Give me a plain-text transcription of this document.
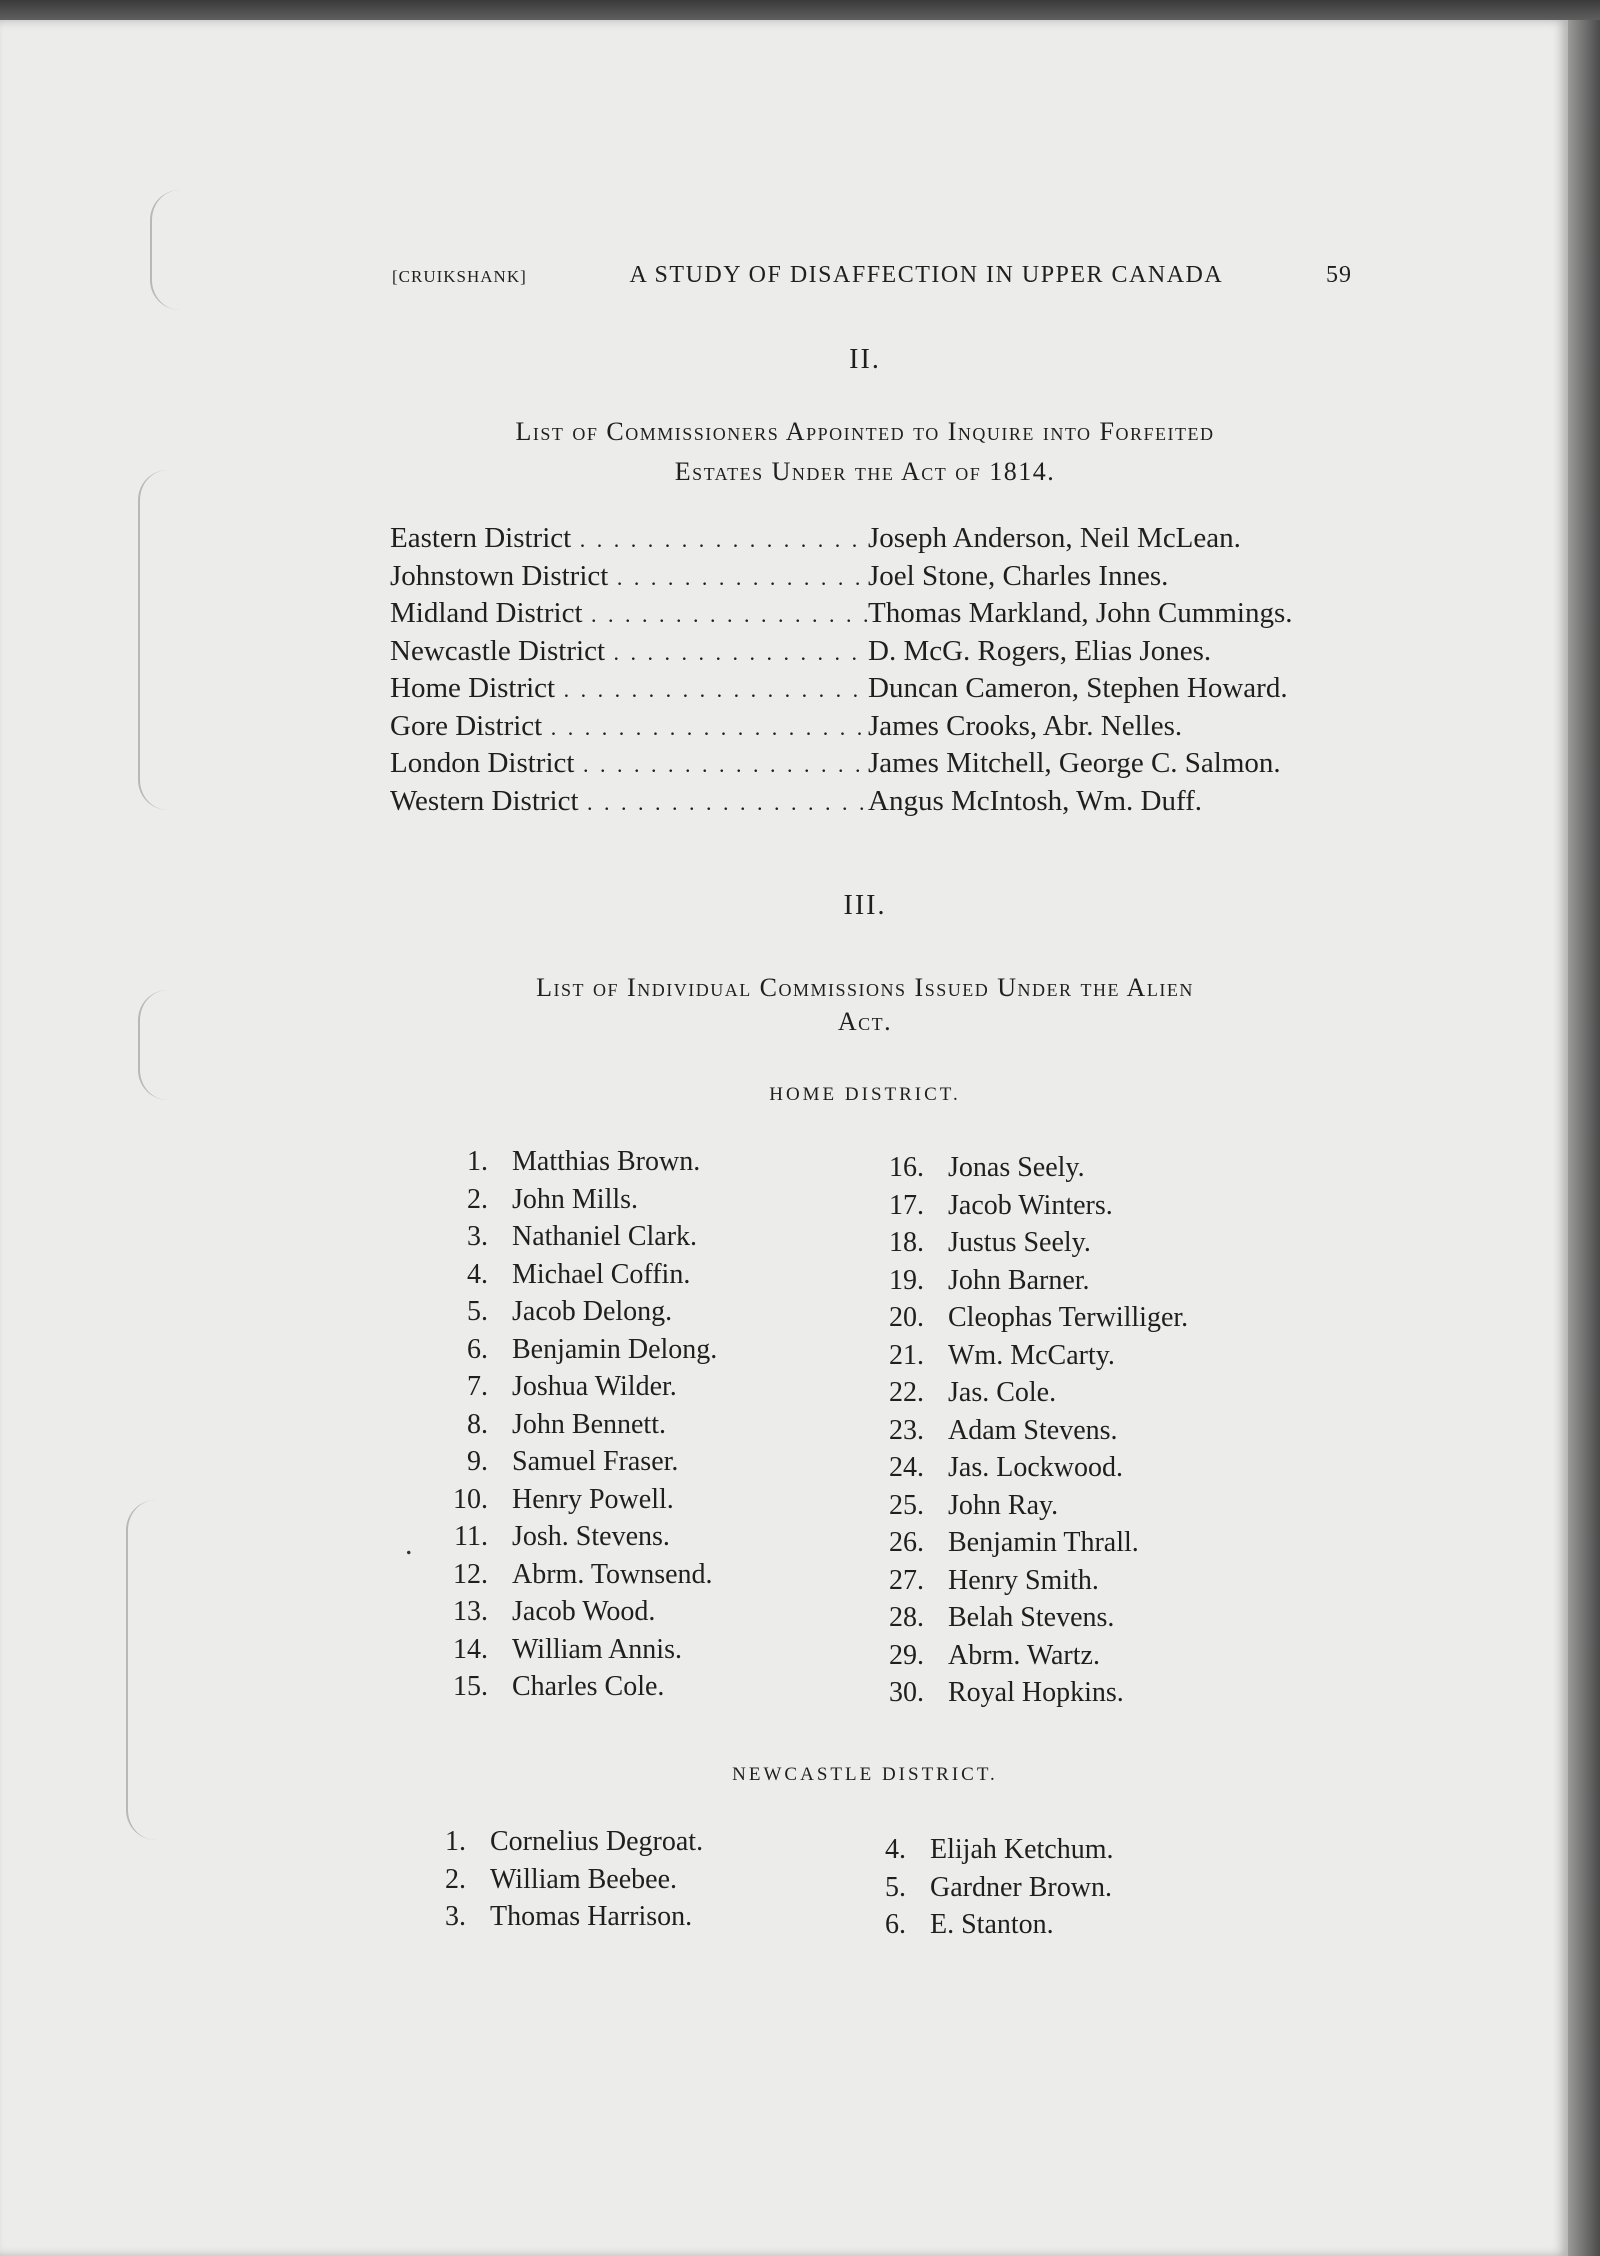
[CRUIKSHANK]	A STUDY OF DISAFFECTION IN UPPER CANADA	59
II.
List of Commissioners Appointed to Inquire into Forfeited
Estates Under the Act of 1814.
Eastern District . . .	Joseph Anderson, Neil McLean.
Johnstown District . . .	Joel Stone, Charles Innes.
Midland District . . .	Thomas Markland, John Cummings.
Newcastle District . . .	D. McG. Rogers, Elias Jones.
Home District . . .	Duncan Cameron, Stephen Howard.
Gore District . . .	James Crooks, Abr. Nelles.
London District . . .	James Mitchell, George C. Salmon.
Western District . . .	Angus McIntosh, Wm. Duff.
III.
List of Individual Commissions Issued Under the Alien
Act.
HOME DISTRICT.
1. Matthias Brown.
2. John Mills.
3. Nathaniel Clark.
4. Michael Coffin.
5. Jacob Delong.
6. Benjamin Delong.
7. Joshua Wilder.
8. John Bennett.
9. Samuel Fraser.
10. Henry Powell.
11. Josh. Stevens.
12. Abrm. Townsend.
13. Jacob Wood.
14. William Annis.
15. Charles Cole.
16. Jonas Seely.
17. Jacob Winters.
18. Justus Seely.
19. John Barner.
20. Cleophas Terwilliger.
21. Wm. McCarty.
22. Jas. Cole.
23. Adam Stevens.
24. Jas. Lockwood.
25. John Ray.
26. Benjamin Thrall.
27. Henry Smith.
28. Belah Stevens.
29. Abrm. Wartz.
30. Royal Hopkins.
.
NEWCASTLE DISTRICT.
1. Cornelius Degroat.
2. William Beebee.
3. Thomas Harrison.
4. Elijah Ketchum.
5. Gardner Brown.
6. E. Stanton.
